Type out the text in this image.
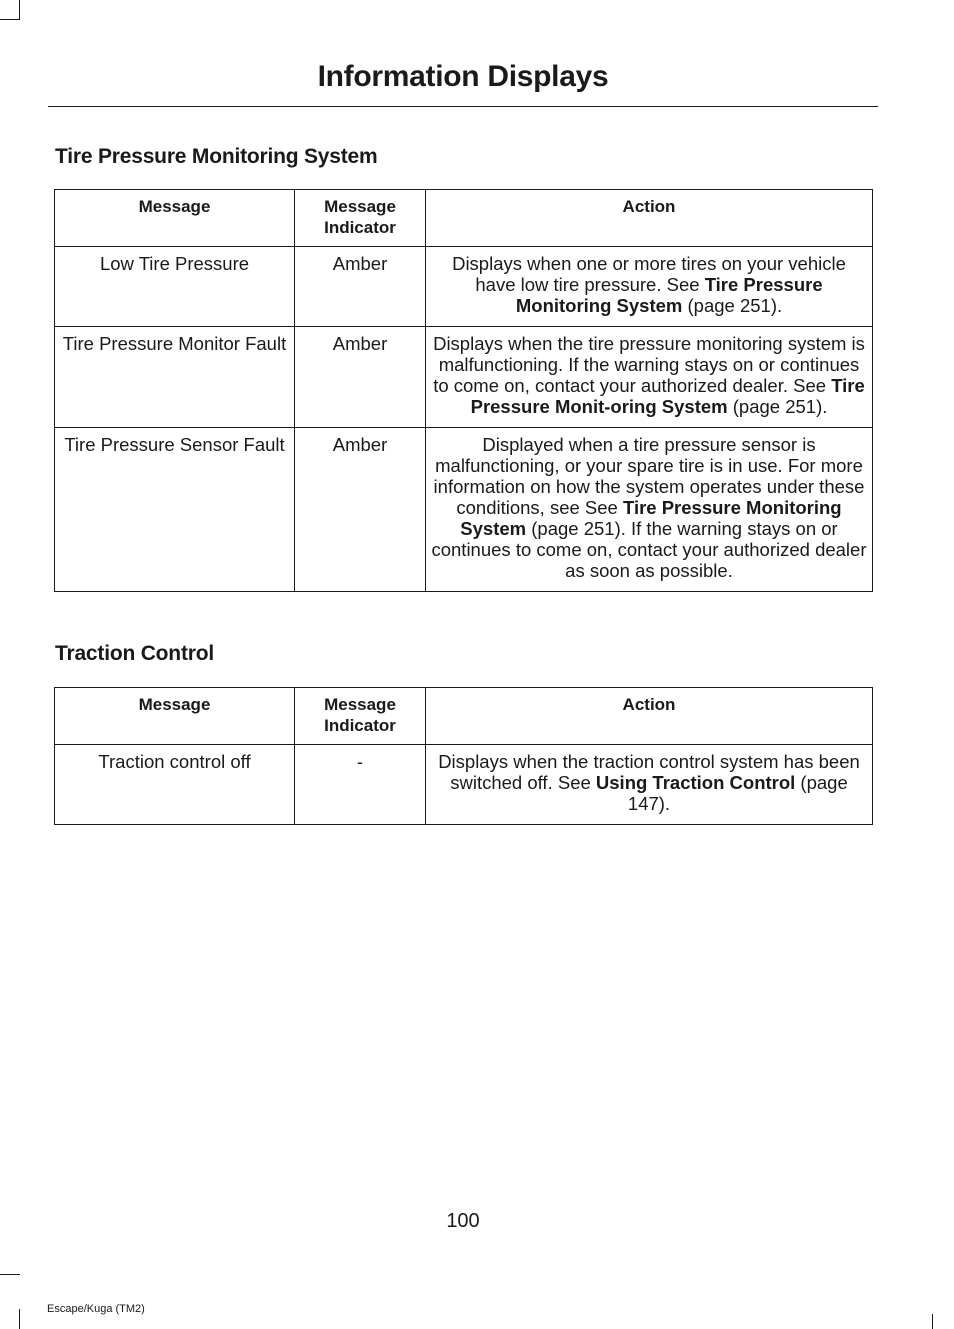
Information Displays
Tire Pressure Monitoring System
Message	Message Indicator	Action
Low Tire Pressure	Amber	Displays when one or more tires on your vehicle have low tire pressure. See Tire Pressure Monitoring System (page 251).
Tire Pressure Monitor Fault	Amber	Displays when the tire pressure monitoring system is malfunctioning. If the warning stays on or continues to come on, contact your authorized dealer. See Tire Pressure Monit-oring System (page 251).
Tire Pressure Sensor Fault	Amber	Displayed when a tire pressure sensor is malfunctioning, or your spare tire is in use. For more information on how the system operates under these conditions, see See Tire Pressure Monitoring System (page 251). If the warning stays on or continues to come on, contact your authorized dealer as soon as possible.
Traction Control
Message	Message Indicator	Action
Traction control off	-	Displays when the traction control system has been switched off. See Using Traction Control (page 147).
100
Escape/Kuga (TM2)
